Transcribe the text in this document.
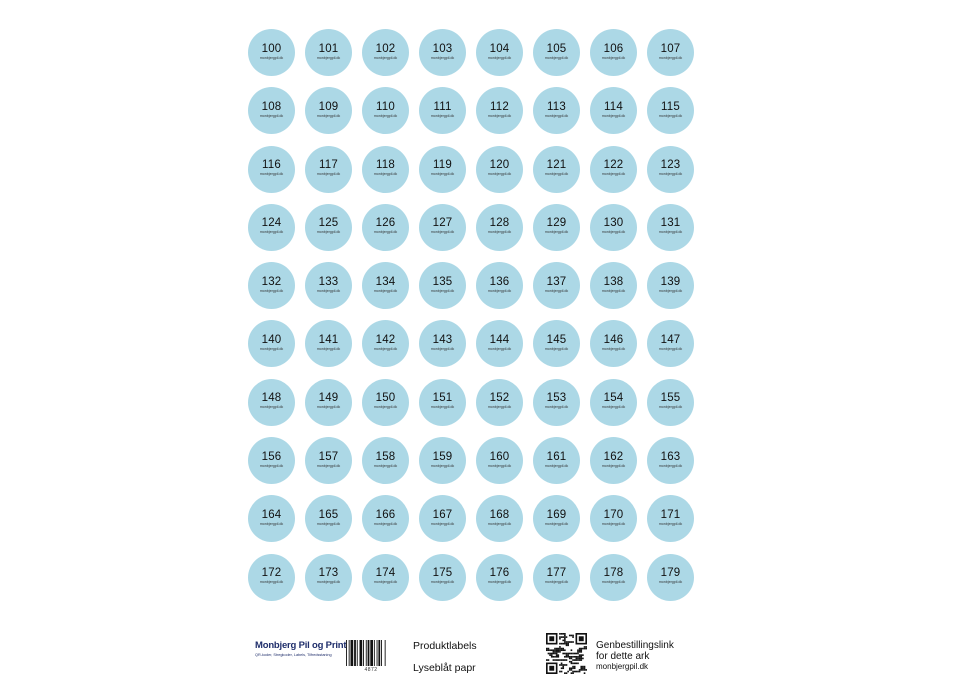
100
monbjergpil.dk
101
monbjergpil.dk
102
monbjergpil.dk
103
monbjergpil.dk
104
monbjergpil.dk
105
monbjergpil.dk
106
monbjergpil.dk
107
monbjergpil.dk
108
monbjergpil.dk
109
monbjergpil.dk
110
monbjergpil.dk
111
monbjergpil.dk
112
monbjergpil.dk
113
monbjergpil.dk
114
monbjergpil.dk
115
monbjergpil.dk
116
monbjergpil.dk
117
monbjergpil.dk
118
monbjergpil.dk
119
monbjergpil.dk
120
monbjergpil.dk
121
monbjergpil.dk
122
monbjergpil.dk
123
monbjergpil.dk
124
monbjergpil.dk
125
monbjergpil.dk
126
monbjergpil.dk
127
monbjergpil.dk
128
monbjergpil.dk
129
monbjergpil.dk
130
monbjergpil.dk
131
monbjergpil.dk
132
monbjergpil.dk
133
monbjergpil.dk
134
monbjergpil.dk
135
monbjergpil.dk
136
monbjergpil.dk
137
monbjergpil.dk
138
monbjergpil.dk
139
monbjergpil.dk
140
monbjergpil.dk
141
monbjergpil.dk
142
monbjergpil.dk
143
monbjergpil.dk
144
monbjergpil.dk
145
monbjergpil.dk
146
monbjergpil.dk
147
monbjergpil.dk
148
monbjergpil.dk
149
monbjergpil.dk
150
monbjergpil.dk
151
monbjergpil.dk
152
monbjergpil.dk
153
monbjergpil.dk
154
monbjergpil.dk
155
monbjergpil.dk
156
monbjergpil.dk
157
monbjergpil.dk
158
monbjergpil.dk
159
monbjergpil.dk
160
monbjergpil.dk
161
monbjergpil.dk
162
monbjergpil.dk
163
monbjergpil.dk
164
monbjergpil.dk
165
monbjergpil.dk
166
monbjergpil.dk
167
monbjergpil.dk
168
monbjergpil.dk
169
monbjergpil.dk
170
monbjergpil.dk
171
monbjergpil.dk
172
monbjergpil.dk
173
monbjergpil.dk
174
monbjergpil.dk
175
monbjergpil.dk
176
monbjergpil.dk
177
monbjergpil.dk
178
monbjergpil.dk
179
monbjergpil.dk
Monbjerg Pil og Print
QR-koder, Stregkoder, Labels, Tilfredsstaning
4872
Produktlabels
Lyseblåt papr
Genbestillingslink
for dette ark
monbjergpil.dk
